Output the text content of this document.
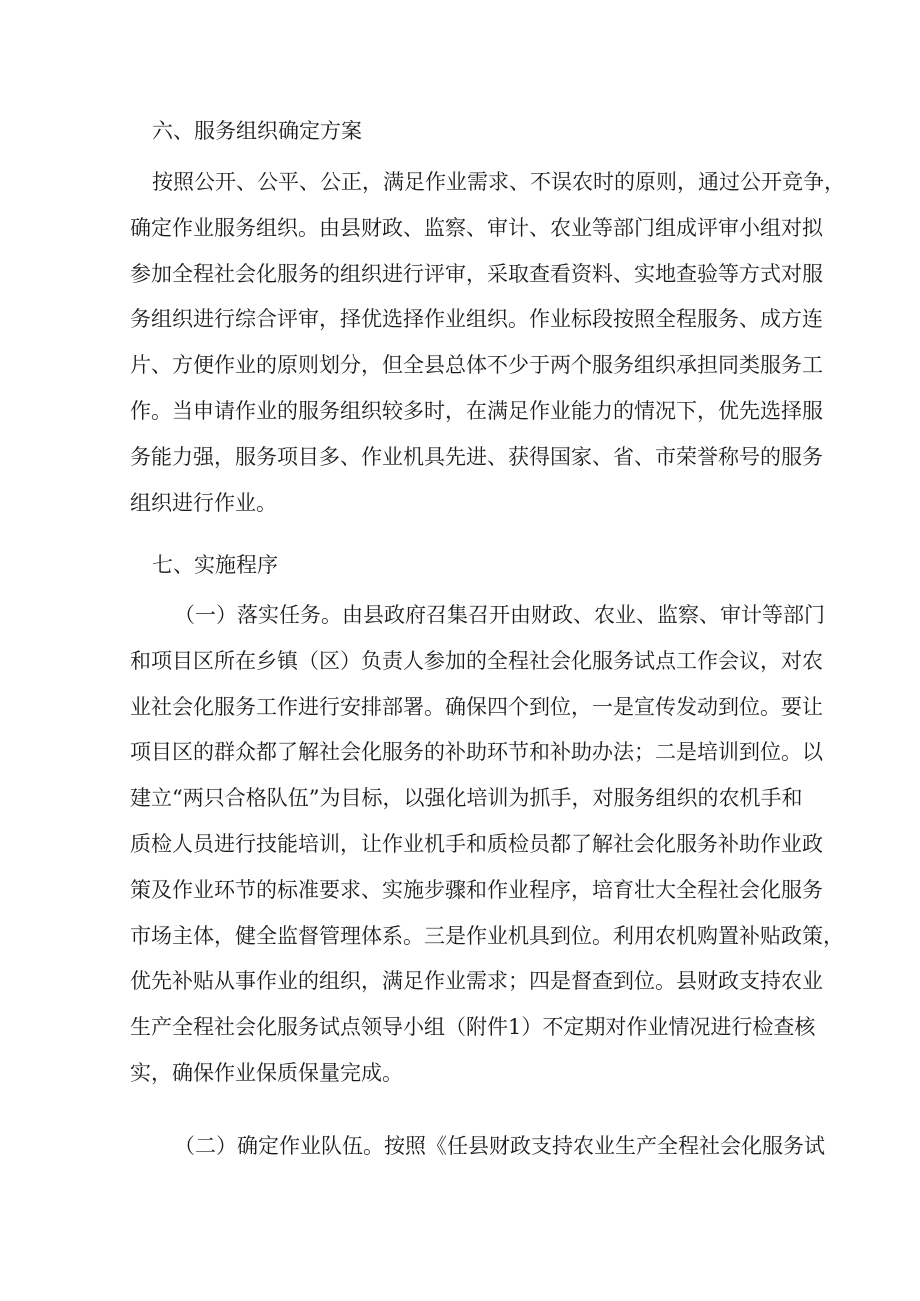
六、服务组织确定方案
按照公开、公平、公正，满足作业需求、不误农时的原则，通过公开竞争，
确定作业服务组织。由县财政、监察、审计、农业等部门组成评审小组对拟
参加全程社会化服务的组织进行评审，采取查看资料、实地查验等方式对服
务组织进行综合评审，择优选择作业组织。作业标段按照全程服务、成方连
片、方便作业的原则划分，但全县总体不少于两个服务组织承担同类服务工
作。当申请作业的服务组织较多时，在满足作业能力的情况下，优先选择服
务能力强，服务项目多、作业机具先进、获得国家、省、市荣誉称号的服务
组织进行作业。
七、实施程序
（一）落实任务。由县政府召集召开由财政、农业、监察、审计等部门
和项目区所在乡镇（区）负责人参加的全程社会化服务试点工作会议，对农
业社会化服务工作进行安排部署。确保四个到位，一是宣传发动到位。要让
项目区的群众都了解社会化服务的补助环节和补助办法；二是培训到位。以
建立“两只合格队伍”为目标，以强化培训为抓手，对服务组织的农机手和
质检人员进行技能培训，让作业机手和质检员都了解社会化服务补助作业政
策及作业环节的标准要求、实施步骤和作业程序，培育壮大全程社会化服务
市场主体，健全监督管理体系。三是作业机具到位。利用农机购置补贴政策，
优先补贴从事作业的组织，满足作业需求；四是督查到位。县财政支持农业
生产全程社会化服务试点领导小组（附件1）不定期对作业情况进行检查核
实，确保作业保质保量完成。
（二）确定作业队伍。按照《任县财政支持农业生产全程社会化服务试
